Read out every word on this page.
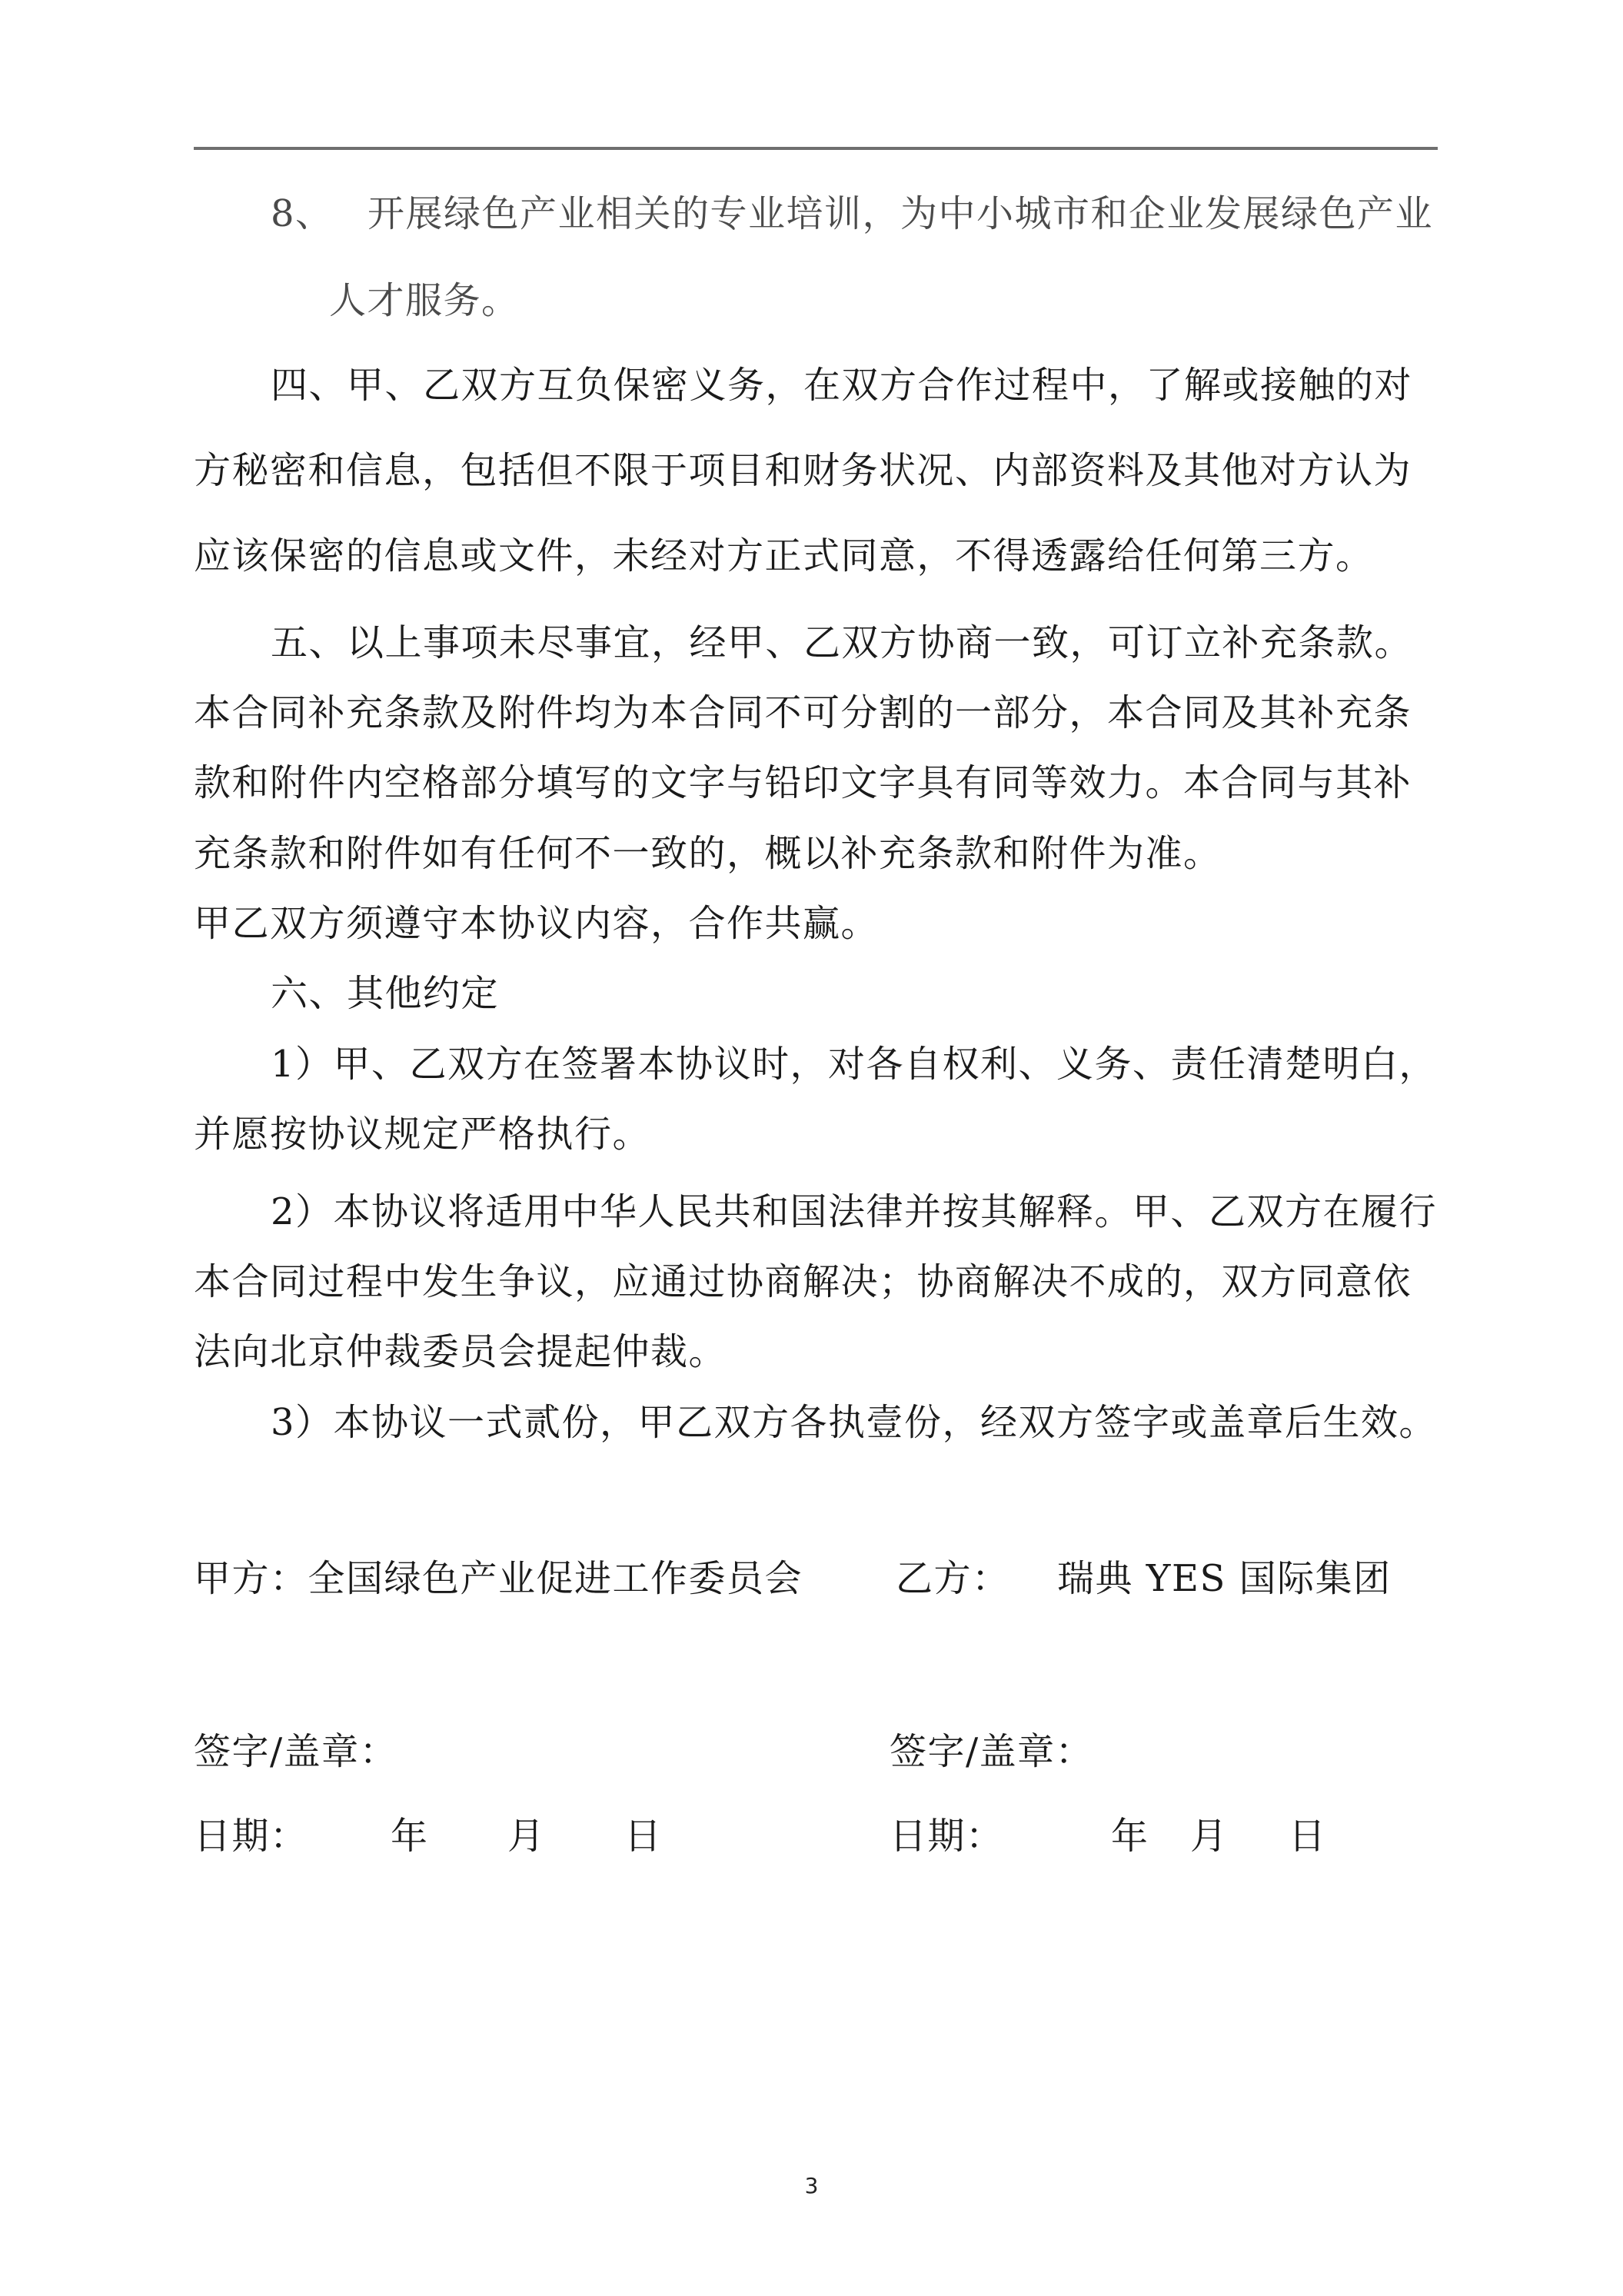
8、 开展绿色产业相关的专业培训，为中小城市和企业发展绿色产业
人才服务。
四、甲、乙双方互负保密义务，在双方合作过程中，了解或接触的对
方秘密和信息，包括但不限于项目和财务状况、内部资料及其他对方认为
应该保密的信息或文件，未经对方正式同意，不得透露给任何第三方。
五、以上事项未尽事宜，经甲、乙双方协商一致，可订立补充条款。
本合同补充条款及附件均为本合同不可分割的一部分，本合同及其补充条
款和附件内空格部分填写的文字与铅印文字具有同等效力。本合同与其补
充条款和附件如有任何不一致的，概以补充条款和附件为准。
甲乙双方须遵守本协议内容，合作共赢。
六、其他约定
1）甲、乙双方在签署本协议时，对各自权利、义务、责任清楚明白，
并愿按协议规定严格执行。
2）本协议将适用中华人民共和国法律并按其解释。甲、乙双方在履行
本合同过程中发生争议，应通过协商解决；协商解决不成的，双方同意依
法向北京仲裁委员会提起仲裁。
3）本协议一式贰份，甲乙双方各执壹份，经双方签字或盖章后生效。
甲方：全国绿色产业促进工作委员会	乙方： 瑞典 YES 国际集团
签字/盖章：	签字/盖章：
日期： 年 月 日	日期：	年 月 日
3
